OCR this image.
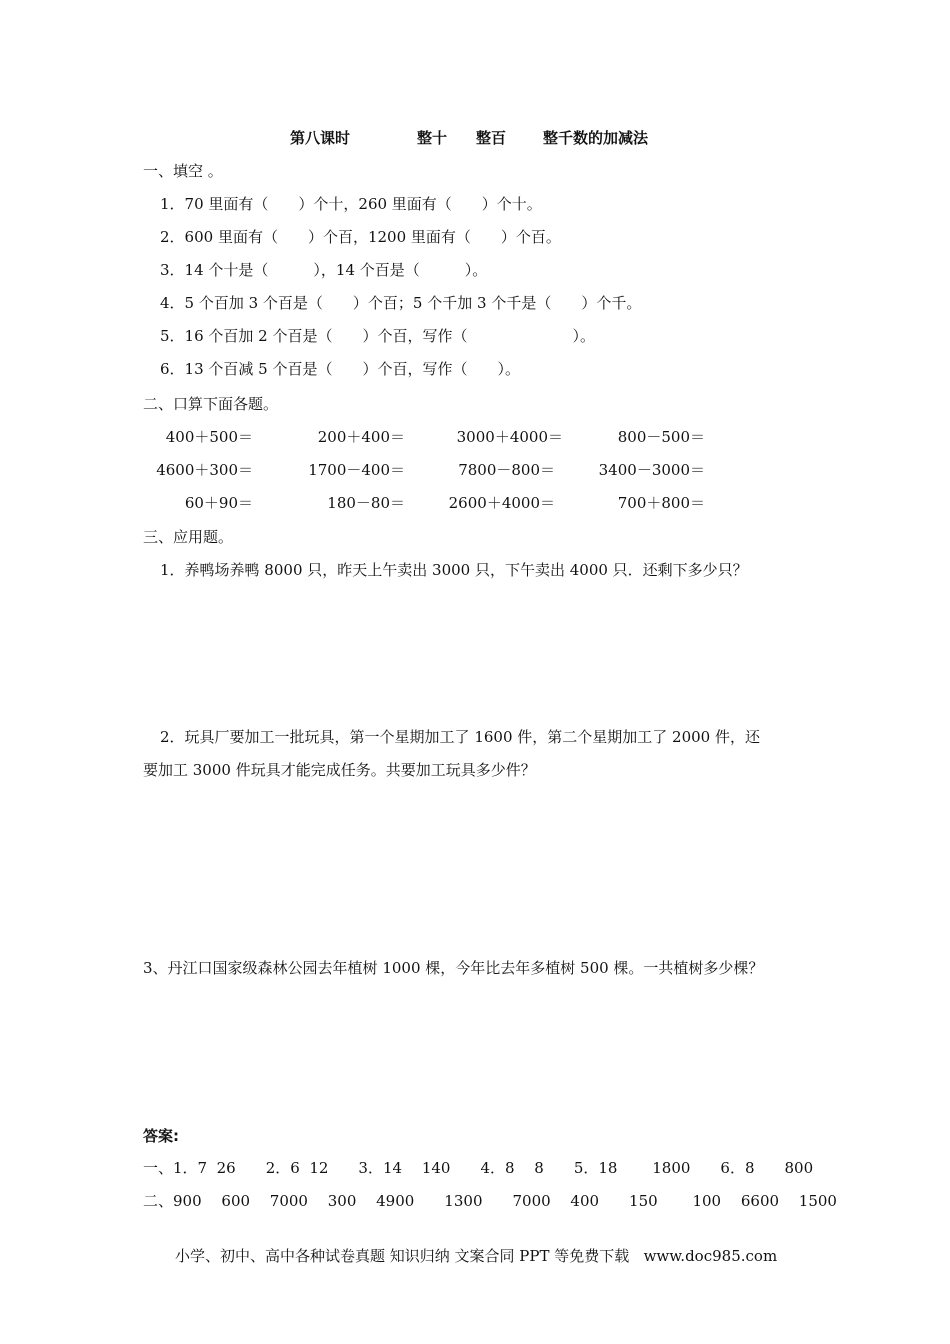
第八课时	整十 整百 整千数的加减法
一、填空 。
1．70 里面有（　　）个十，260 里面有（　　）个十。
2．600 里面有（　　）个百，1200 里面有（　　）个百。
3．14 个十是（　　　），14 个百是（　　　）。
4．5 个百加 3 个百是（　　）个百；5 个千加 3 个千是（　　）个千。
5．16 个百加 2 个百是（　　）个百，写作（　　　　　　　）。
6．13 个百减 5 个百是（　　）个百，写作（　　）。
二、口算下面各题。
400＋500＝	200＋400＝	3000＋4000＝	800－500＝
4600＋300＝	1700－400＝	7800－800＝	3400－3000＝
60＋90＝	180－80＝	2600＋4000＝	700＋800＝
三、应用题。
1．养鸭场养鸭 8000 只，昨天上午卖出 3000 只，下午卖出 4000 只．还剩下多少只？
2．玩具厂要加工一批玩具，第一个星期加工了 1600 件，第二个星期加工了 2000 件，还
要加工 3000 件玩具才能完成任务。共要加工玩具多少件？
3、丹江口国家级森林公园去年植树 1000 棵，今年比去年多植树 500 棵。一共植树多少棵？
答案:
一、1．7  26　　2．6  12　　3．14　 140　　4．8　 8　　5．18　　 1800　　6．8　　800
二、900　 600　 7000　 300　 4900　　1300　　7000　 400　　150　　 100　 6600　 1500
小学、初中、高中各种试卷真题 知识归纳 文案合同 PPT 等免费下载   www.doc985.com
